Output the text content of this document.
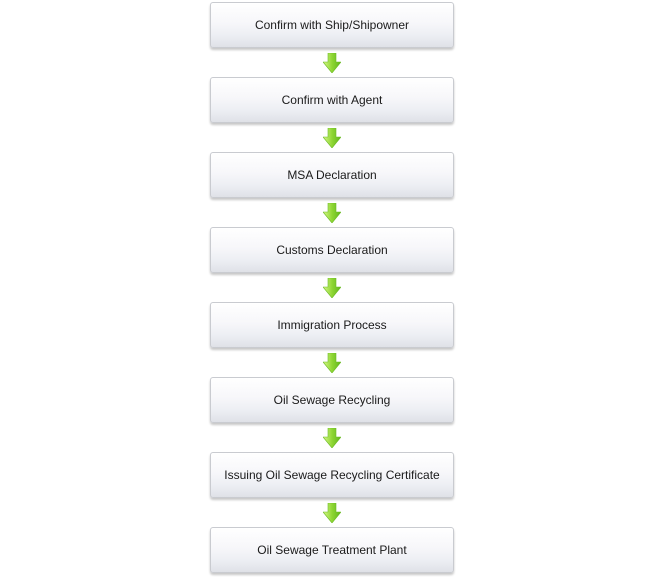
Confirm with Ship/Shipowner
Confirm with Agent
MSA Declaration
Customs Declaration
Immigration Process
Oil Sewage Recycling
Issuing Oil Sewage Recycling Certificate
Oil Sewage Treatment Plant
